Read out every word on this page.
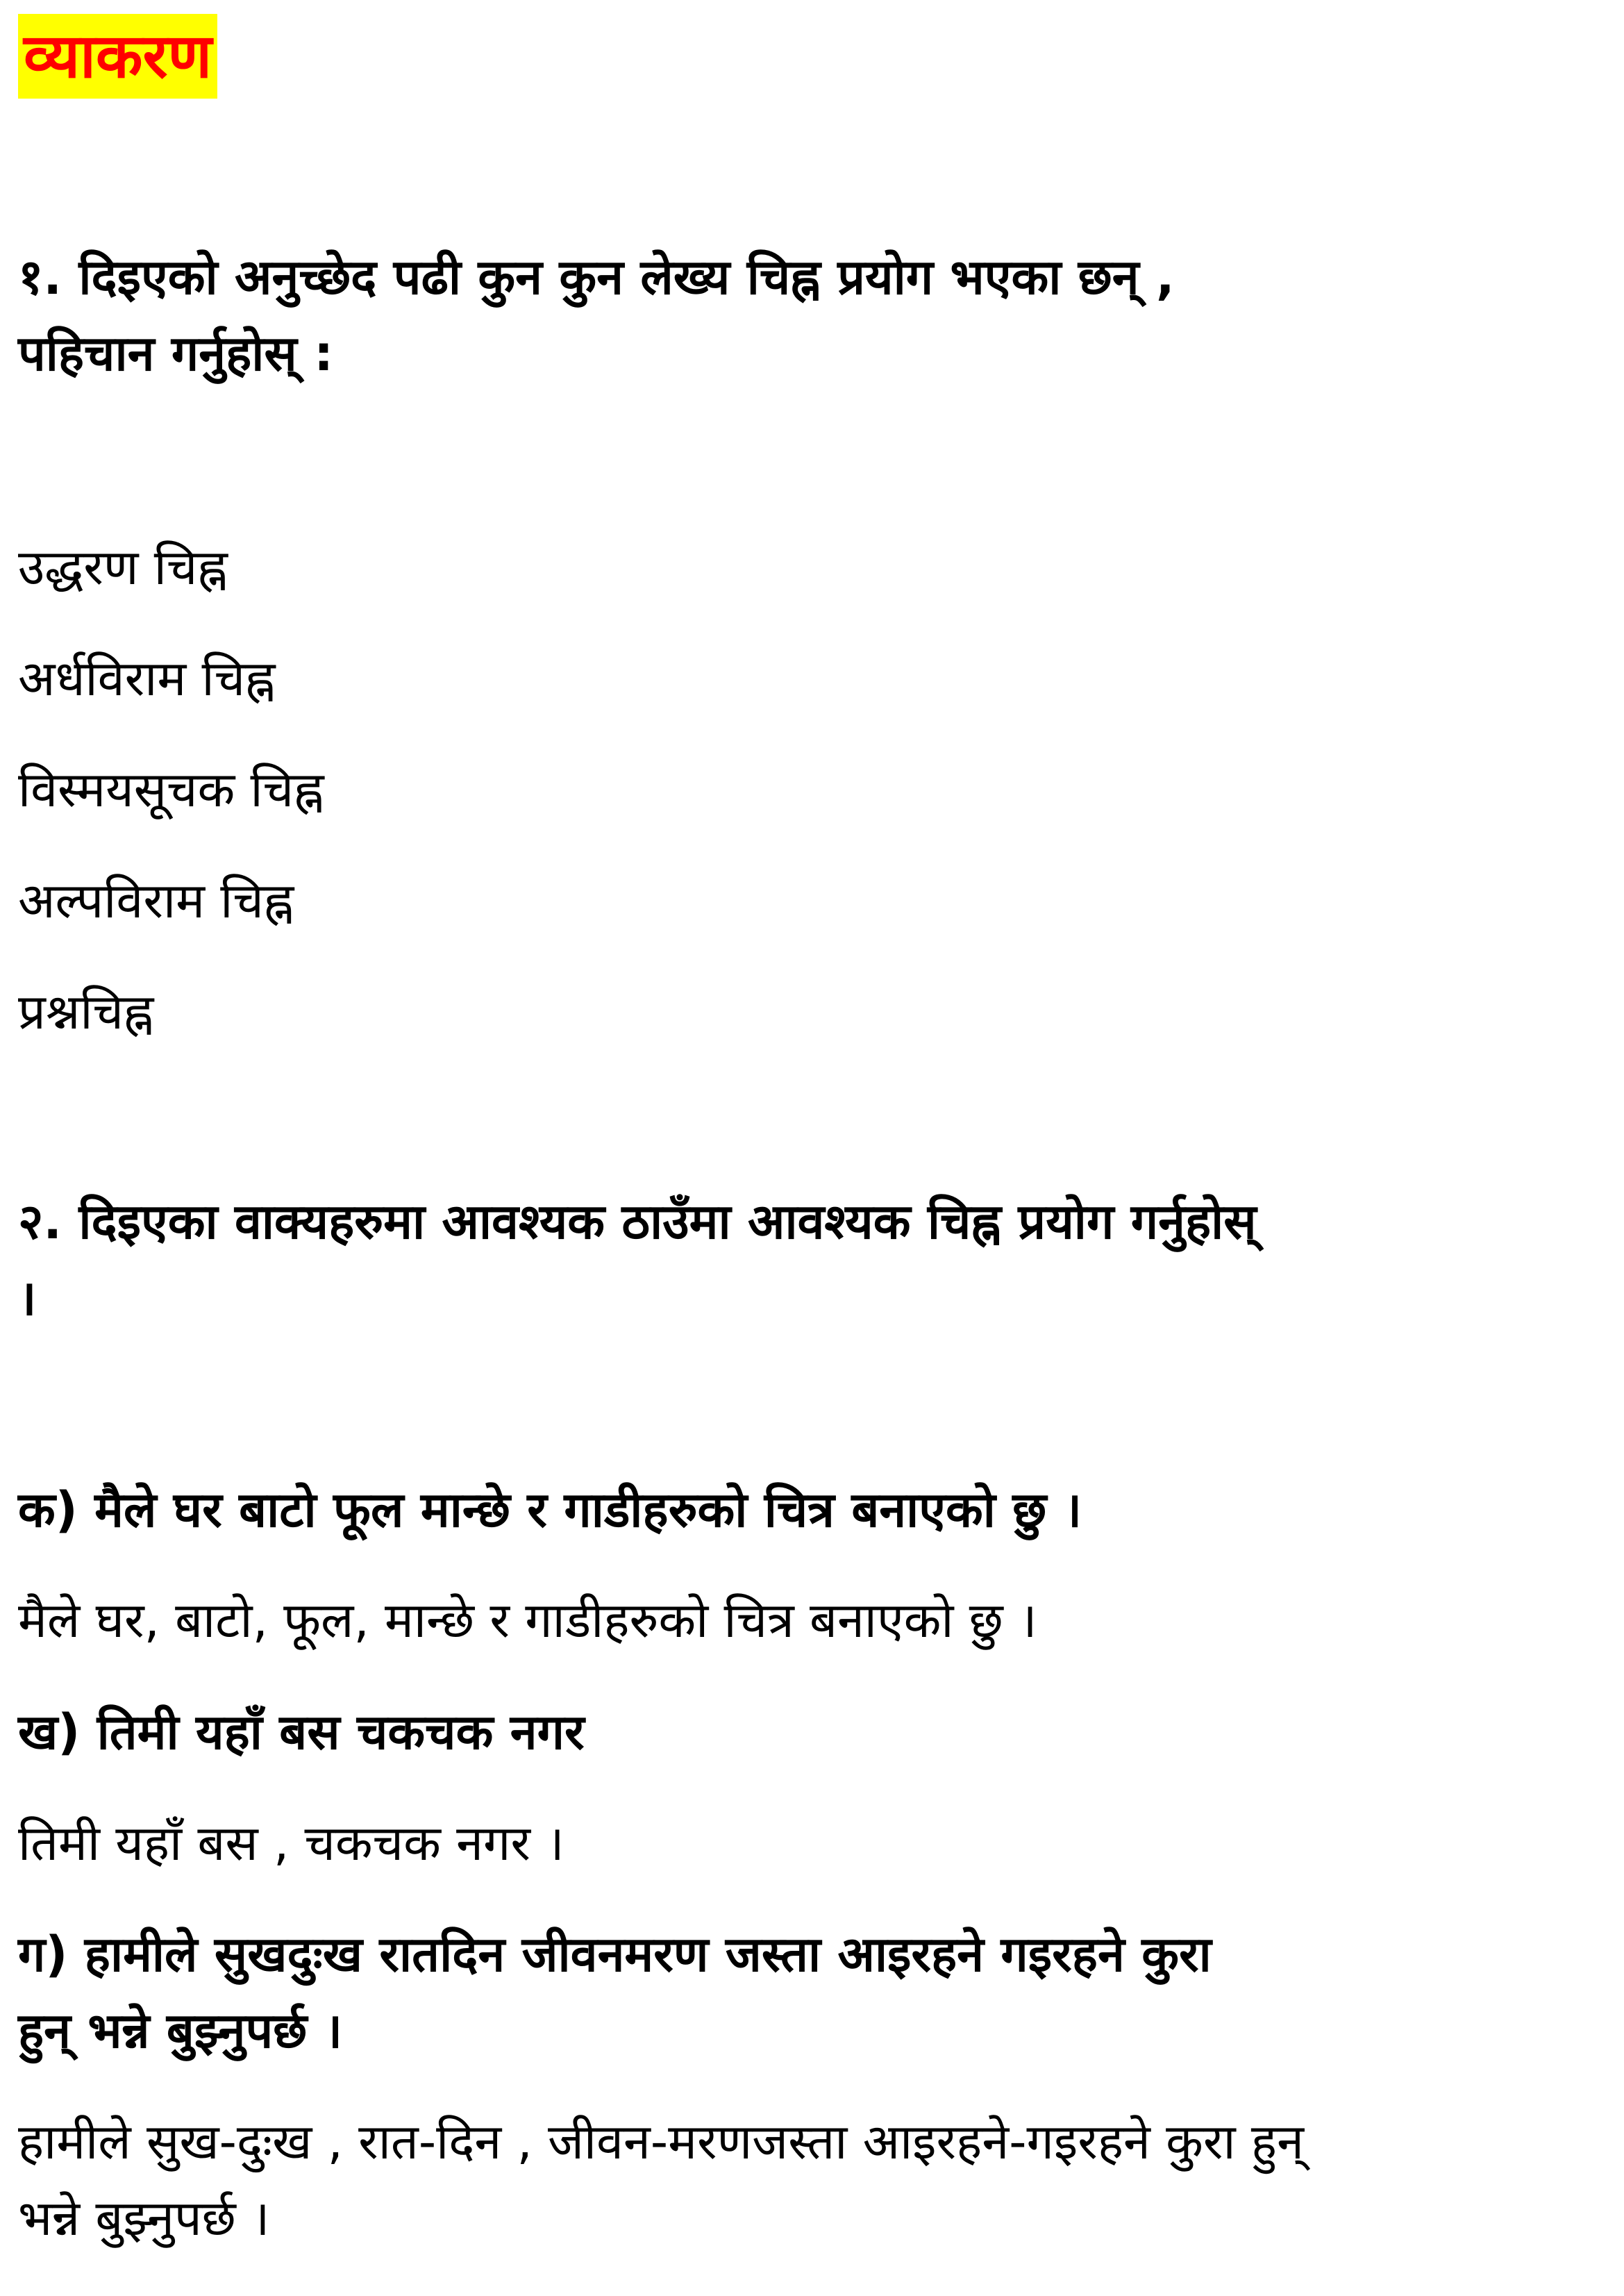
व्याकरण
१. दिइएको अनुच्छेद पढी कुन कुन लेख्य चिह्न प्रयोग भएका छन् ,
पहिचान गर्नुहोस् :
उद्धरण चिह्न
अर्धविराम चिह्न
विस्मयसूचक चिह्न
अल्पविराम चिह्न
प्रश्नचिह्न
२. दिइएका वाक्यहरुमा आवश्यक ठाउँमा आवश्यक चिह्न प्रयोग गर्नुहोस्
।
क) मैले घर बाटो फूल मान्छे र गाडीहरुको चित्र बनाएको छु ।
मैले घर, बाटो, फूल, मान्छे र गाडीहरुको चित्र बनाएको छु ।
ख) तिमी यहाँ बस चकचक नगर
तिमी यहाँ बस , चकचक नगर ।
ग) हामीले सुखदुःख रातदिन जीवनमरण जस्ता आइरहने गइरहने कुरा
हुन् भन्ने बुझ्नुपर्छ ।
हामीले सुख-दुःख , रात-दिन , जीवन-मरणजस्ता आइरहने-गइरहने कुरा हुन्
भन्ने बुझ्नुपर्छ ।
